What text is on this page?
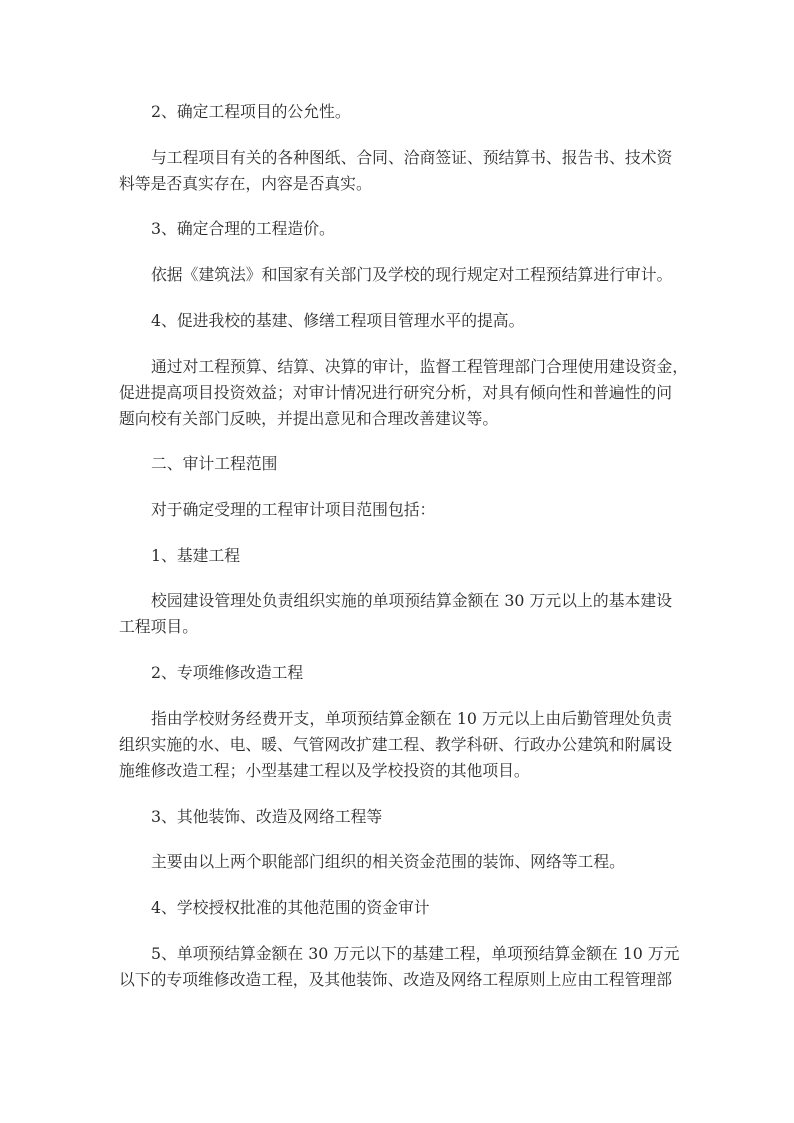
2、确定工程项目的公允性。
与工程项目有关的各种图纸、合同、洽商签证、预结算书、报告书、技术资
料等是否真实存在，内容是否真实。
3、确定合理的工程造价。
依据《建筑法》和国家有关部门及学校的现行规定对工程预结算进行审计。
4、促进我校的基建、修缮工程项目管理水平的提高。
通过对工程预算、结算、决算的审计，监督工程管理部门合理使用建设资金，
促进提高项目投资效益；对审计情况进行研究分析，对具有倾向性和普遍性的问
题向校有关部门反映，并提出意见和合理改善建议等。
二、审计工程范围
对于确定受理的工程审计项目范围包括：
1、基建工程
校园建设管理处负责组织实施的单项预结算金额在 30 万元以上的基本建设
工程项目。
2、专项维修改造工程
指由学校财务经费开支，单项预结算金额在 10 万元以上由后勤管理处负责
组织实施的水、电、暖、气管网改扩建工程、教学科研、行政办公建筑和附属设
施维修改造工程；小型基建工程以及学校投资的其他项目。
3、其他装饰、改造及网络工程等
主要由以上两个职能部门组织的相关资金范围的装饰、网络等工程。
4、学校授权批准的其他范围的资金审计
5、单项预结算金额在 30 万元以下的基建工程，单项预结算金额在 10 万元
以下的专项维修改造工程，及其他装饰、改造及网络工程原则上应由工程管理部
